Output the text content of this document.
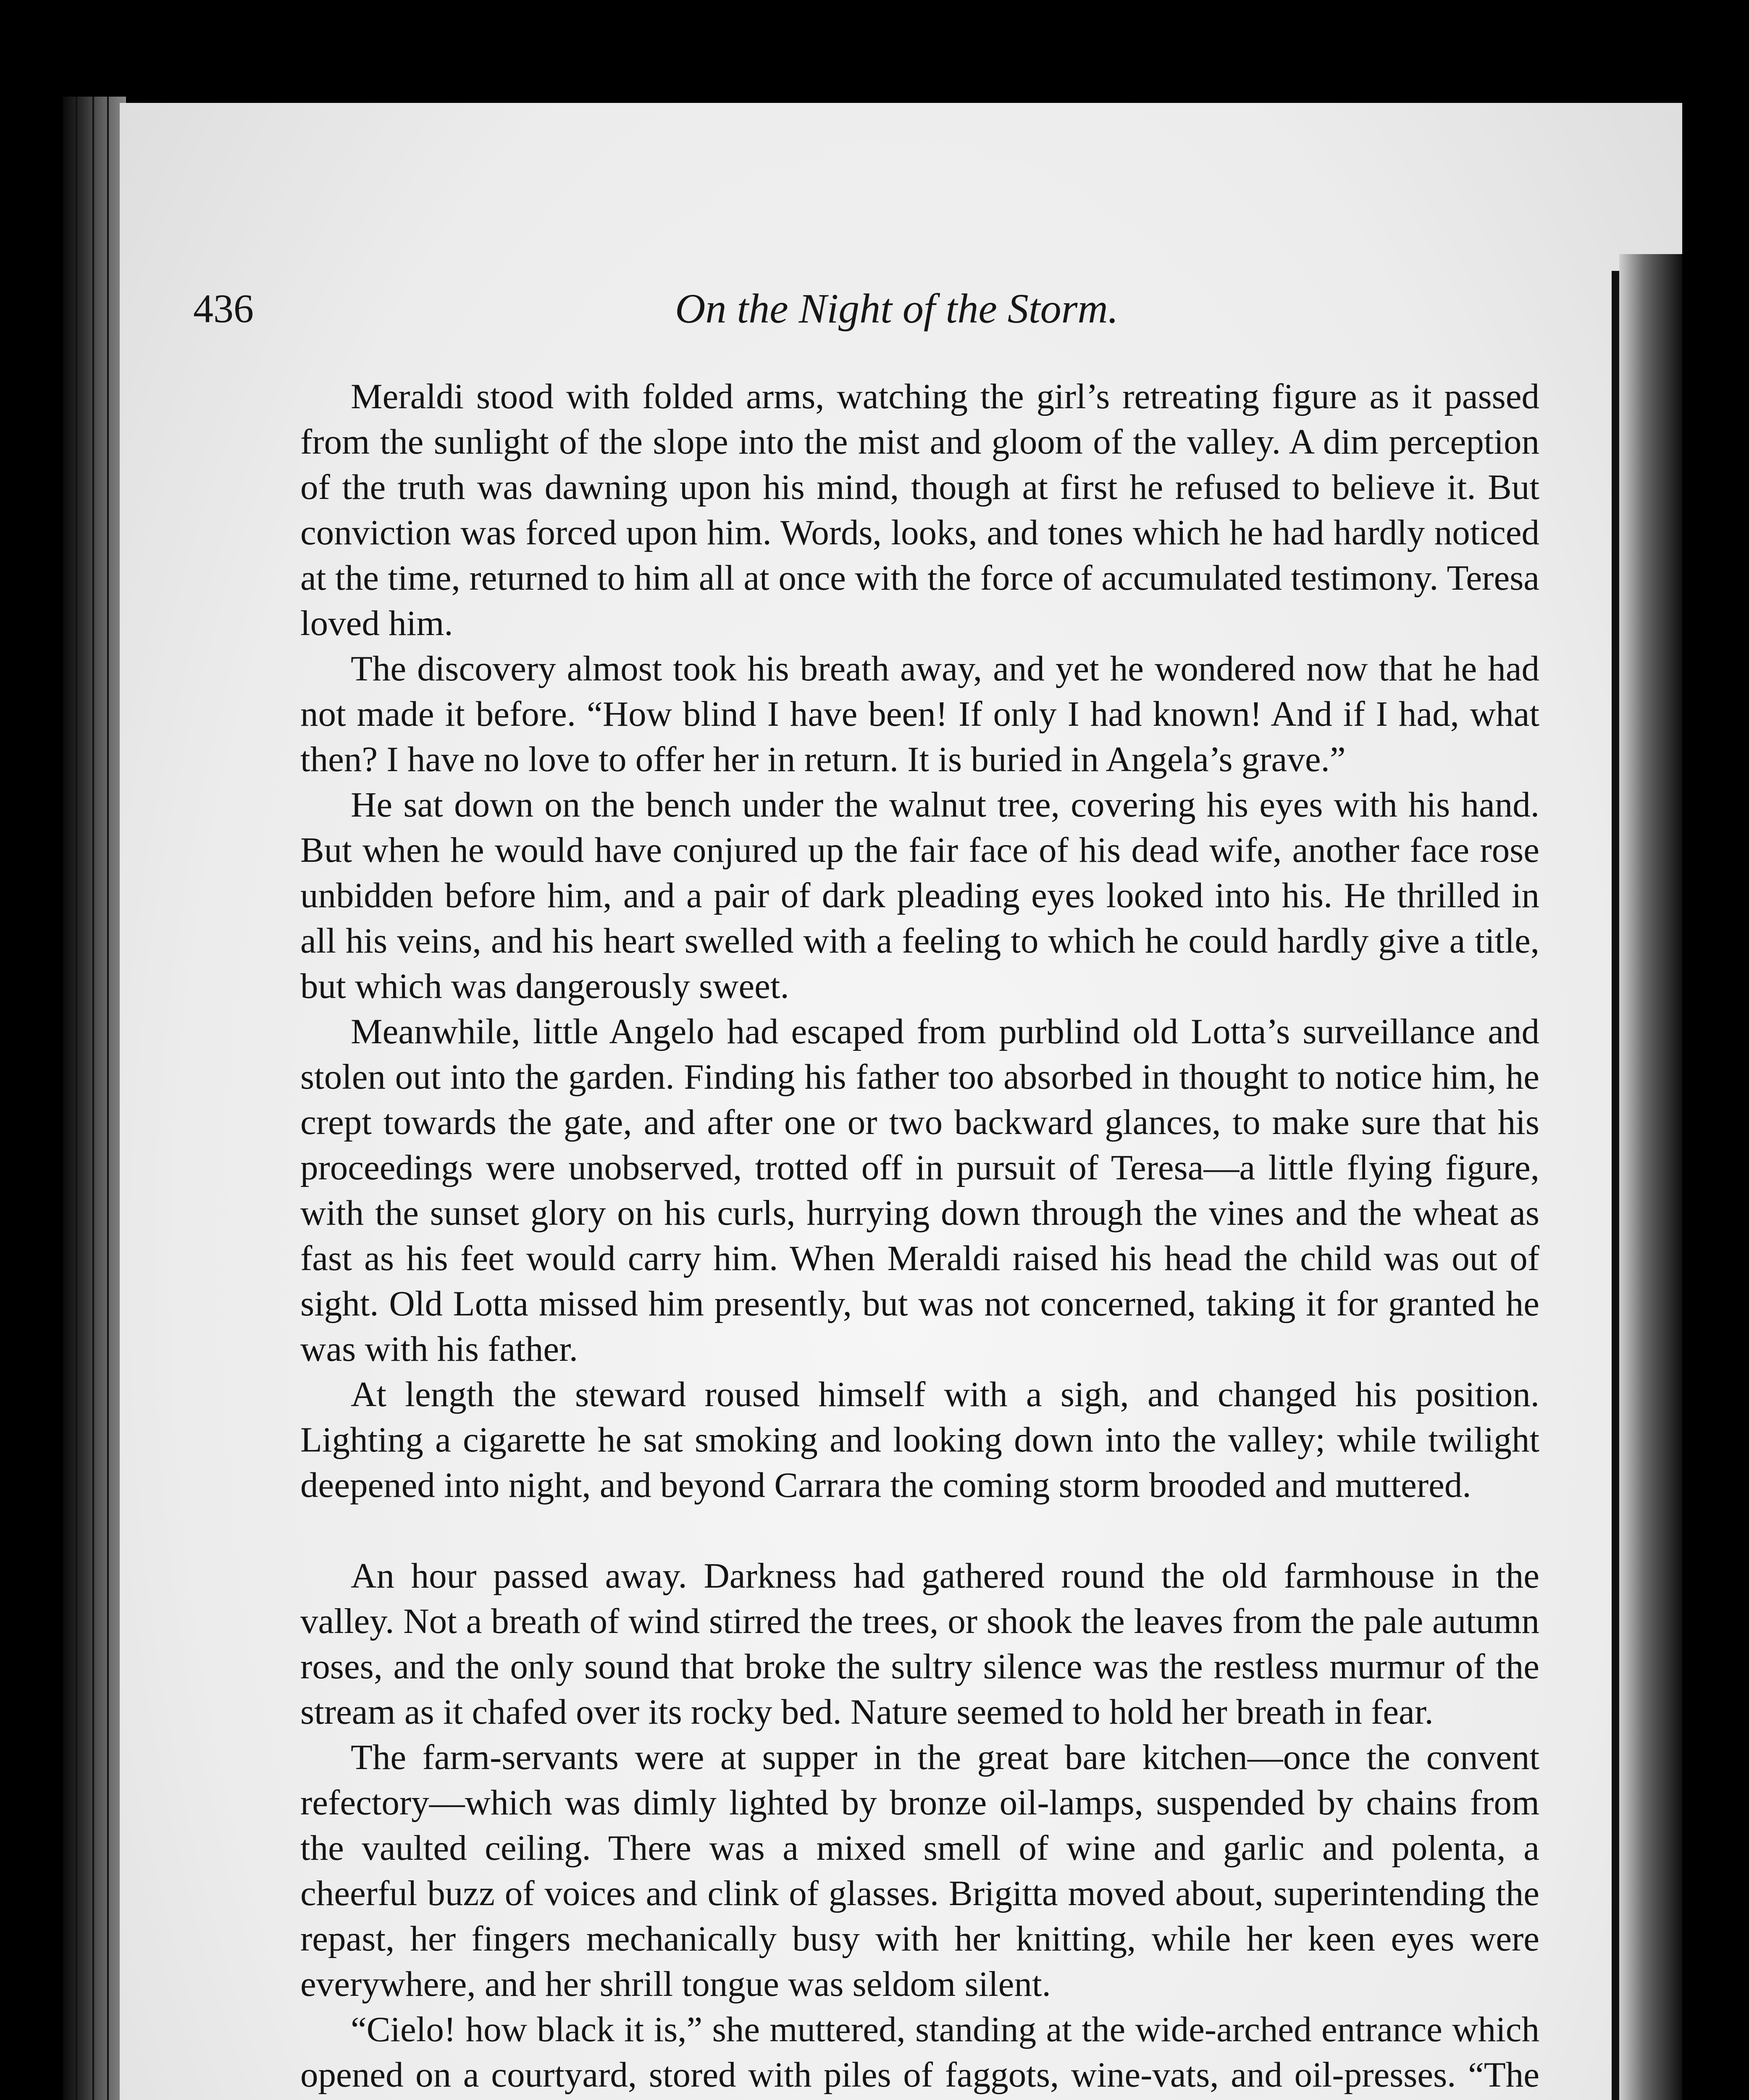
436	On the Night of the Storm.

Meraldi stood with folded arms, watching the girl’s retreating figure as it passed from the sunlight of the slope into the mist and gloom of the valley. A dim perception of the truth was dawning upon his mind, though at first he refused to believe it. But conviction was forced upon him. Words, looks, and tones which he had hardly noticed at the time, returned to him all at once with the force of accumulated testimony. Teresa loved him.

The discovery almost took his breath away, and yet he wondered now that he had not made it before. “How blind I have been! If only I had known! And if I had, what then? I have no love to offer her in return. It is buried in Angela’s grave.”

He sat down on the bench under the walnut tree, covering his eyes with his hand. But when he would have conjured up the fair face of his dead wife, another face rose unbidden before him, and a pair of dark pleading eyes looked into his. He thrilled in all his veins, and his heart swelled with a feeling to which he could hardly give a title, but which was dangerously sweet.

Meanwhile, little Angelo had escaped from purblind old Lotta’s surveillance and stolen out into the garden. Finding his father too absorbed in thought to notice him, he crept towards the gate, and after one or two backward glances, to make sure that his proceedings were unobserved, trotted off in pursuit of Teresa—a little flying figure, with the sunset glory on his curls, hurrying down through the vines and the wheat as fast as his feet would carry him. When Meraldi raised his head the child was out of sight. Old Lotta missed him presently, but was not concerned, taking it for granted he was with his father.

At length the steward roused himself with a sigh, and changed his position. Lighting a cigarette he sat smoking and looking down into the valley; while twilight deepened into night, and beyond Carrara the coming storm brooded and muttered.

An hour passed away. Darkness had gathered round the old farmhouse in the valley. Not a breath of wind stirred the trees, or shook the leaves from the pale autumn roses, and the only sound that broke the sultry silence was the restless murmur of the stream as it chafed over its rocky bed. Nature seemed to hold her breath in fear.

The farm-servants were at supper in the great bare kitchen—once the convent refectory—which was dimly lighted by bronze oil-lamps, suspended by chains from the vaulted ceiling. There was a mixed smell of wine and garlic and polenta, a cheerful buzz of voices and clink of glasses. Brigitta moved about, superintending the repast, her fingers mechanically busy with her knitting, while her keen eyes were everywhere, and her shrill tongue was seldom silent.

“Cielo! how black it is,” she muttered, standing at the wide-arched entrance which opened on a courtyard, stored with piles of faggots, wine-vats, and oil-presses. “The
